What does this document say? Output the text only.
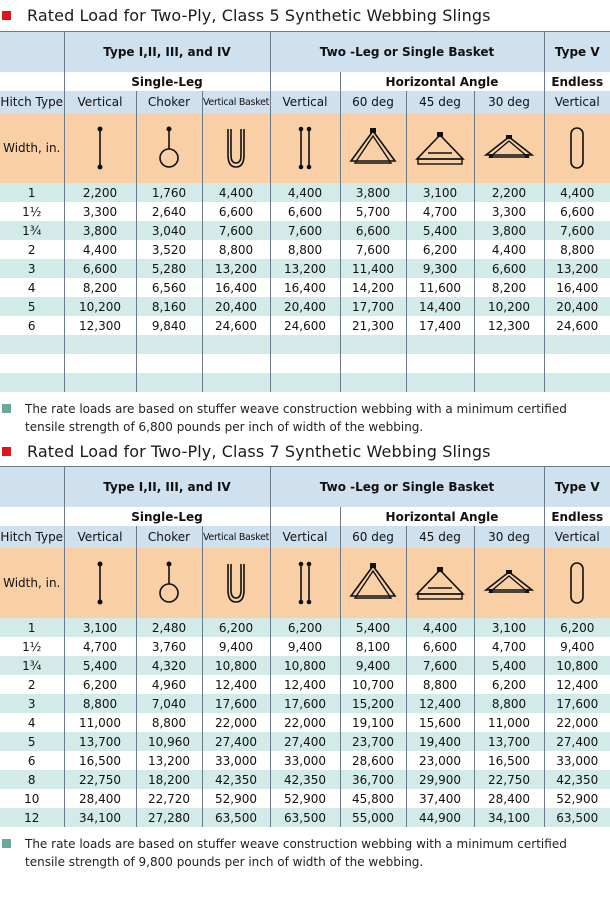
Rated Load for Two-Ply, Class 5 Synthetic Webbing Slings
	Type I,II, III, and IV			Two -Leg or Single Basket				Type V
	Single-Leg				Horizontal Angle			Endless
Hitch Type	Vertical	Choker	Vertical Basket	Vertical	60 deg	45 deg	30 deg	Vertical
Width, in.	

1	2,200	1,760	4,400	4,400	3,800	3,100	2,200	4,400
1½	3,300	2,640	6,600	6,600	5,700	4,700	3,300	6,600
1¾	3,800	3,040	7,600	7,600	6,600	5,400	3,800	7,600
2	4,400	3,520	8,800	8,800	7,600	6,200	4,400	8,800
3	6,600	5,280	13,200	13,200	11,400	9,300	6,600	13,200
4	8,200	6,560	16,400	16,400	14,200	11,600	8,200	16,400
5	10,200	8,160	20,400	20,400	17,700	14,400	10,200	20,400
6	12,300	9,840	24,600	24,600	21,300	17,400	12,300	24,600

The rate loads are based on stuffer weave construction webbing with a minimum certified tensile strength of 6,800 pounds per inch of width of the webbing.
Rated Load for Two-Ply, Class 7 Synthetic Webbing Slings
	Type I,II, III, and IV			Two -Leg or Single Basket				Type V
	Single-Leg				Horizontal Angle			Endless
Hitch Type	Vertical	Choker	Vertical Basket	Vertical	60 deg	45 deg	30 deg	Vertical
Width, in.	

1	3,100	2,480	6,200	6,200	5,400	4,400	3,100	6,200
1½	4,700	3,760	9,400	9,400	8,100	6,600	4,700	9,400
1¾	5,400	4,320	10,800	10,800	9,400	7,600	5,400	10,800
2	6,200	4,960	12,400	12,400	10,700	8,800	6,200	12,400
3	8,800	7,040	17,600	17,600	15,200	12,400	8,800	17,600
4	11,000	8,800	22,000	22,000	19,100	15,600	11,000	22,000
5	13,700	10,960	27,400	27,400	23,700	19,400	13,700	27,400
6	16,500	13,200	33,000	33,000	28,600	23,000	16,500	33,000
8	22,750	18,200	42,350	42,350	36,700	29,900	22,750	42,350
10	28,400	22,720	52,900	52,900	45,800	37,400	28,400	52,900
12	34,100	27,280	63,500	63,500	55,000	44,900	34,100	63,500
The rate loads are based on stuffer weave construction webbing with a minimum certified tensile strength of 9,800 pounds per inch of width of the webbing.
